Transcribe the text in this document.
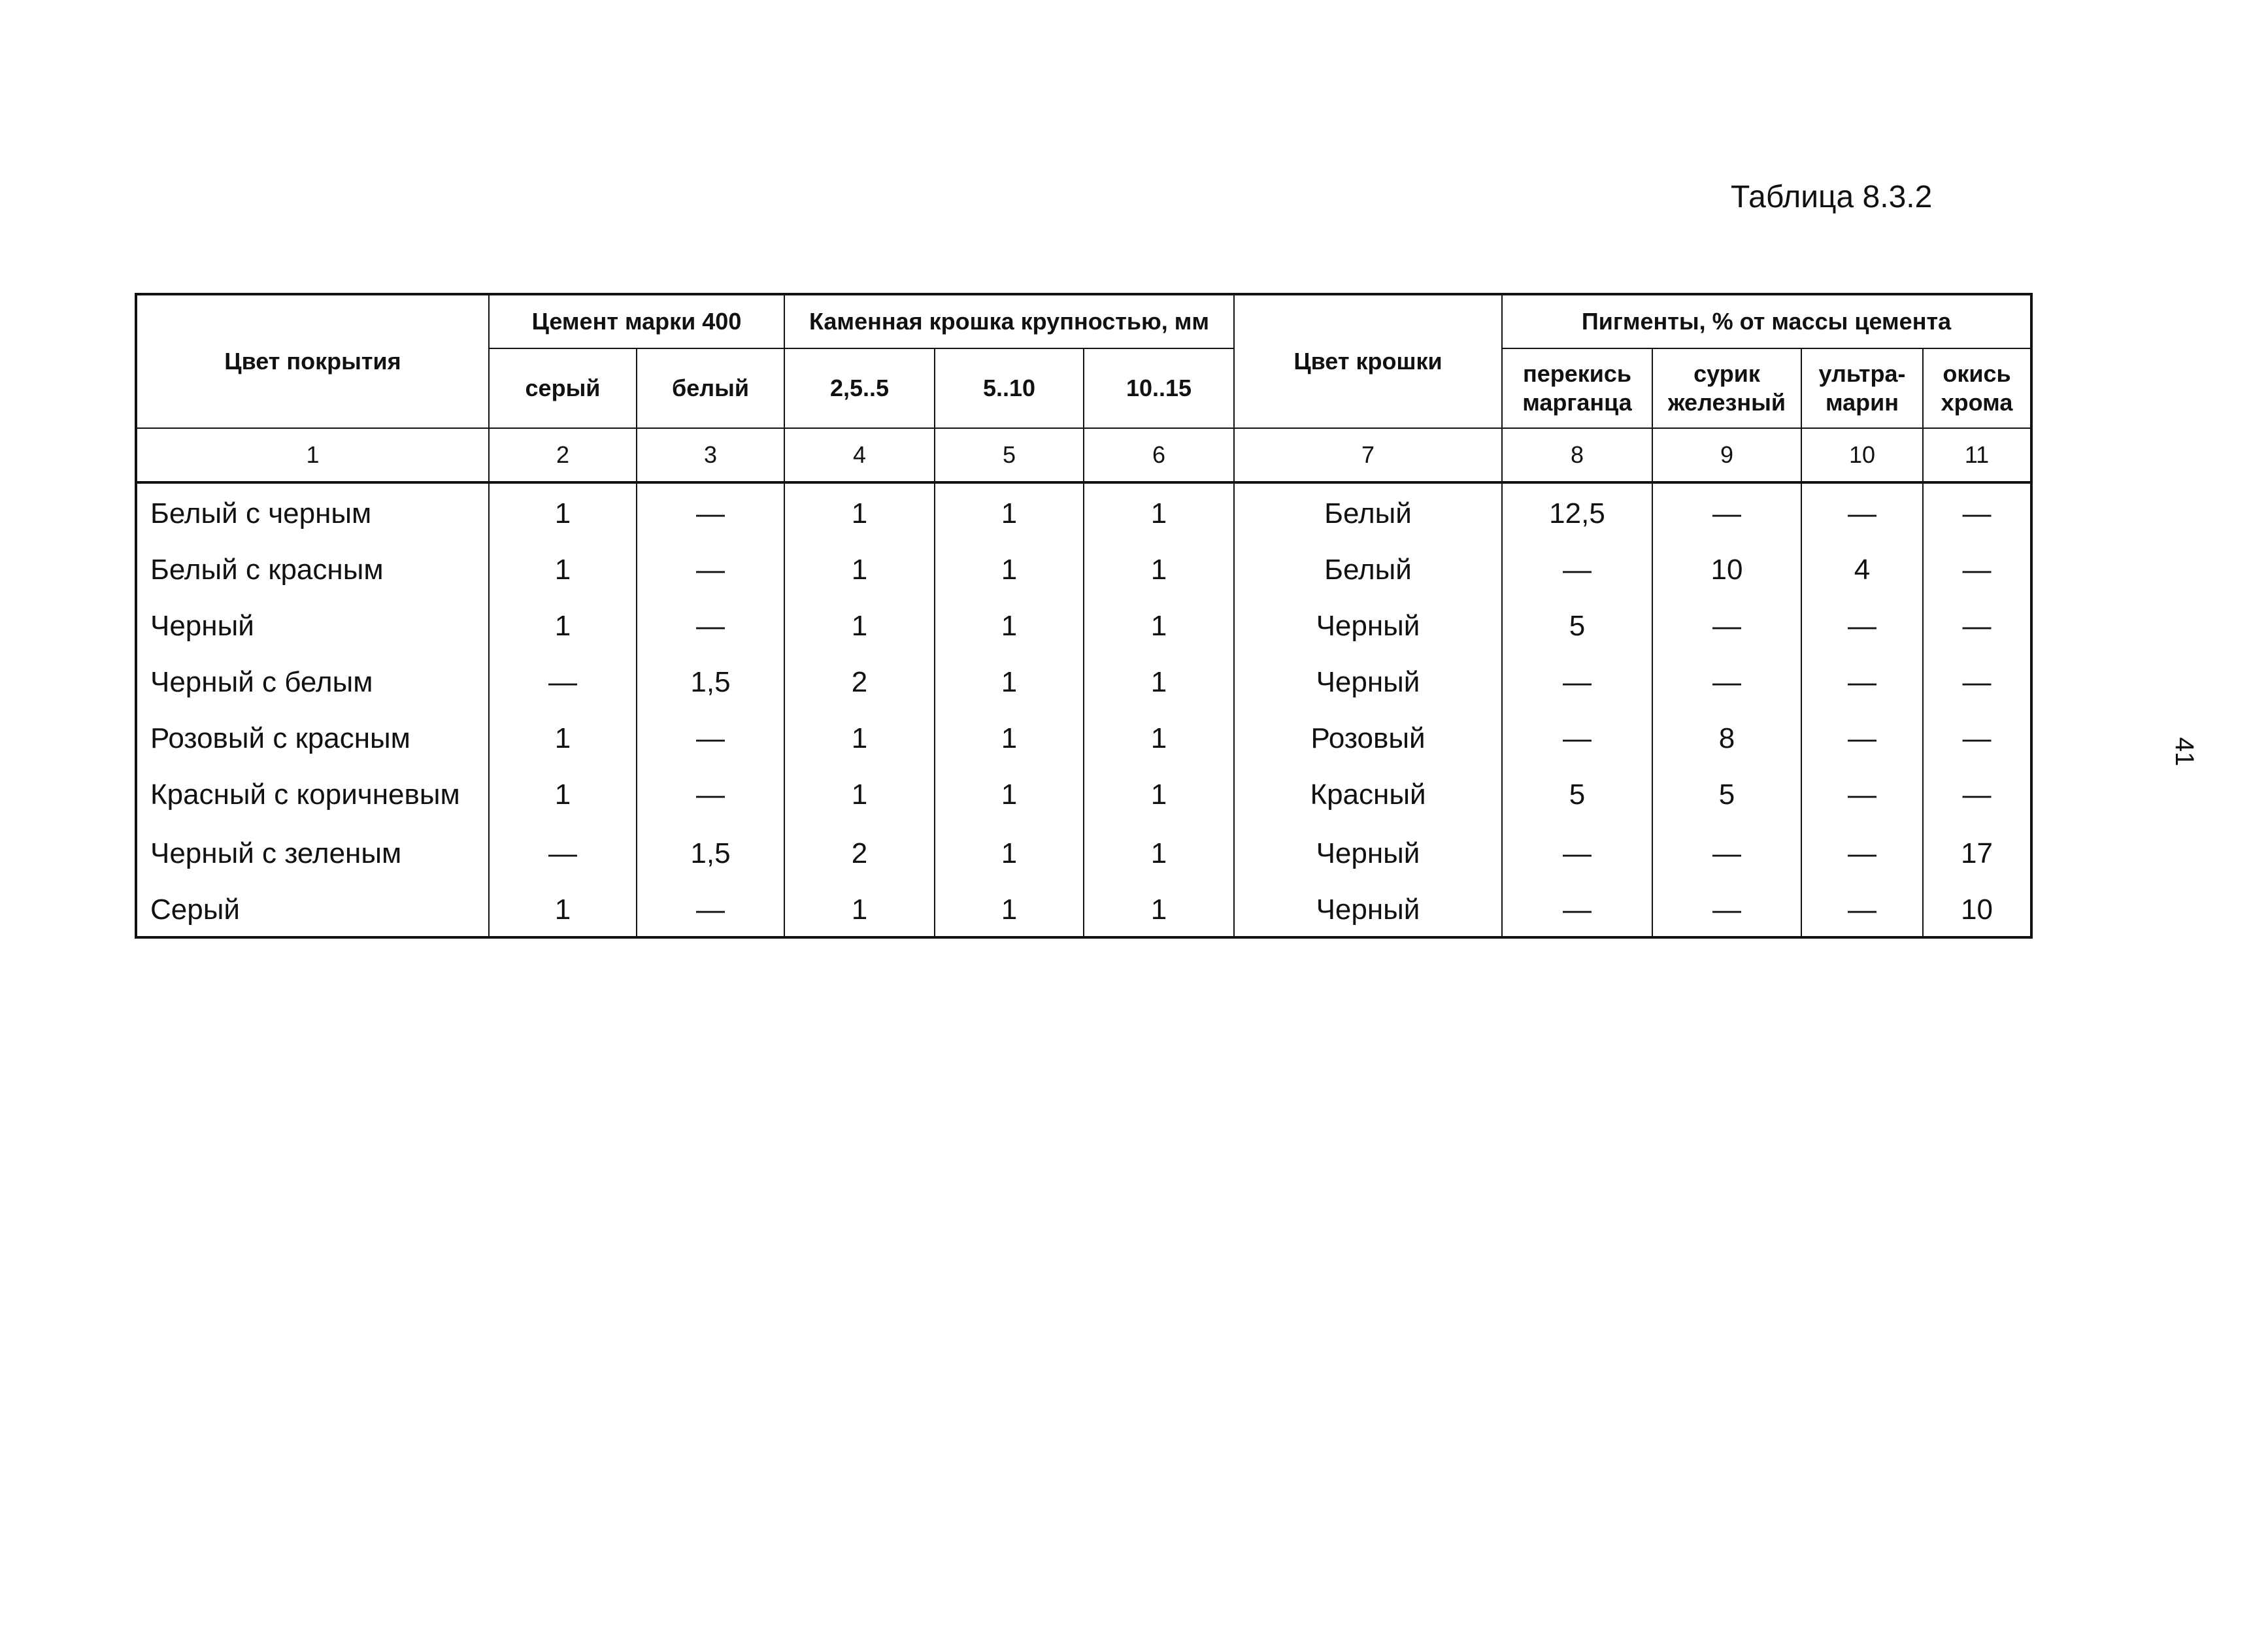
Таблица 8.3.2
41
Цвет покрытия	Цемент марки 400		Каменная крошка крупностью, мм			Цвет крошки	Пигменты, % от массы цемента			
	серый	белый	2,5..5	5..10	10..15		перекись марганца	сурик железный	ультра-марин	окись хрома
1	2	3	4	5	6	7	8	9	10	11
Белый с черным	1	—	1	1	1	Белый	12,5	—	—	—
Белый с красным	1	—	1	1	1	Белый	—	10	4	—
Черный	1	—	1	1	1	Черный	5	—	—	—
Черный с белым	—	1,5	2	1	1	Черный	—	—	—	—
Розовый с красным	1	—	1	1	1	Розовый	—	8	—	—
Красный с коричневым	1	—	1	1	1	Красный	5	5	—	—
Черный с зеленым	—	1,5	2	1	1	Черный	—	—	—	17
Серый	1	—	1	1	1	Черный	—	—	—	10
